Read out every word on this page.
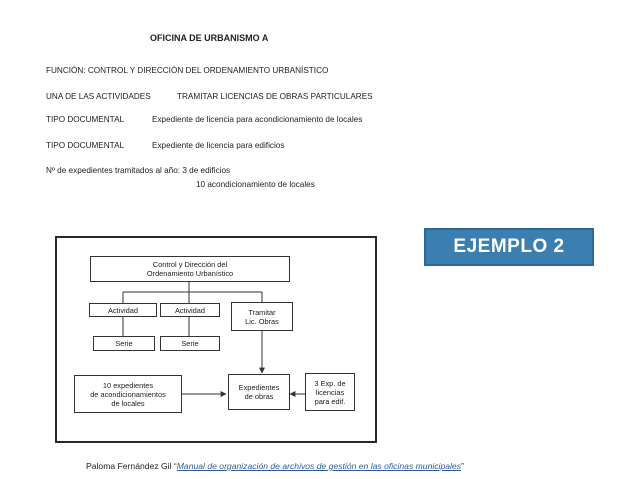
OFICINA DE URBANISMO A
FUNCIÓN: CONTROL Y DIRECCIÓN DEL ORDENAMIENTO URBANÍSTICO
UNA DE LAS ACTIVIDADES	TRAMITAR LICENCIAS DE OBRAS PARTICULARES
TIPO DOCUMENTAL	Expediente de licencia para acondicionamiento de locales
TIPO DOCUMENTAL	Expediente de licencia para edificios
Nº de expedientes tramitados al año: 3 de edificios
10 acondicionamiento de locales
EJEMPLO 2
Control y Dirección del
Ordenamiento Urbanístico
Actividad	Actividad	Tramitar
Lic. Obras
Serie	Serie
10 expedientes
de acondicionamientos
de locales
Expedientes
de obras
3 Exp. de
licencias
para edif.
Paloma Fernández Gil “Manual de organización de archivos de gestión en las oficinas municipales”
